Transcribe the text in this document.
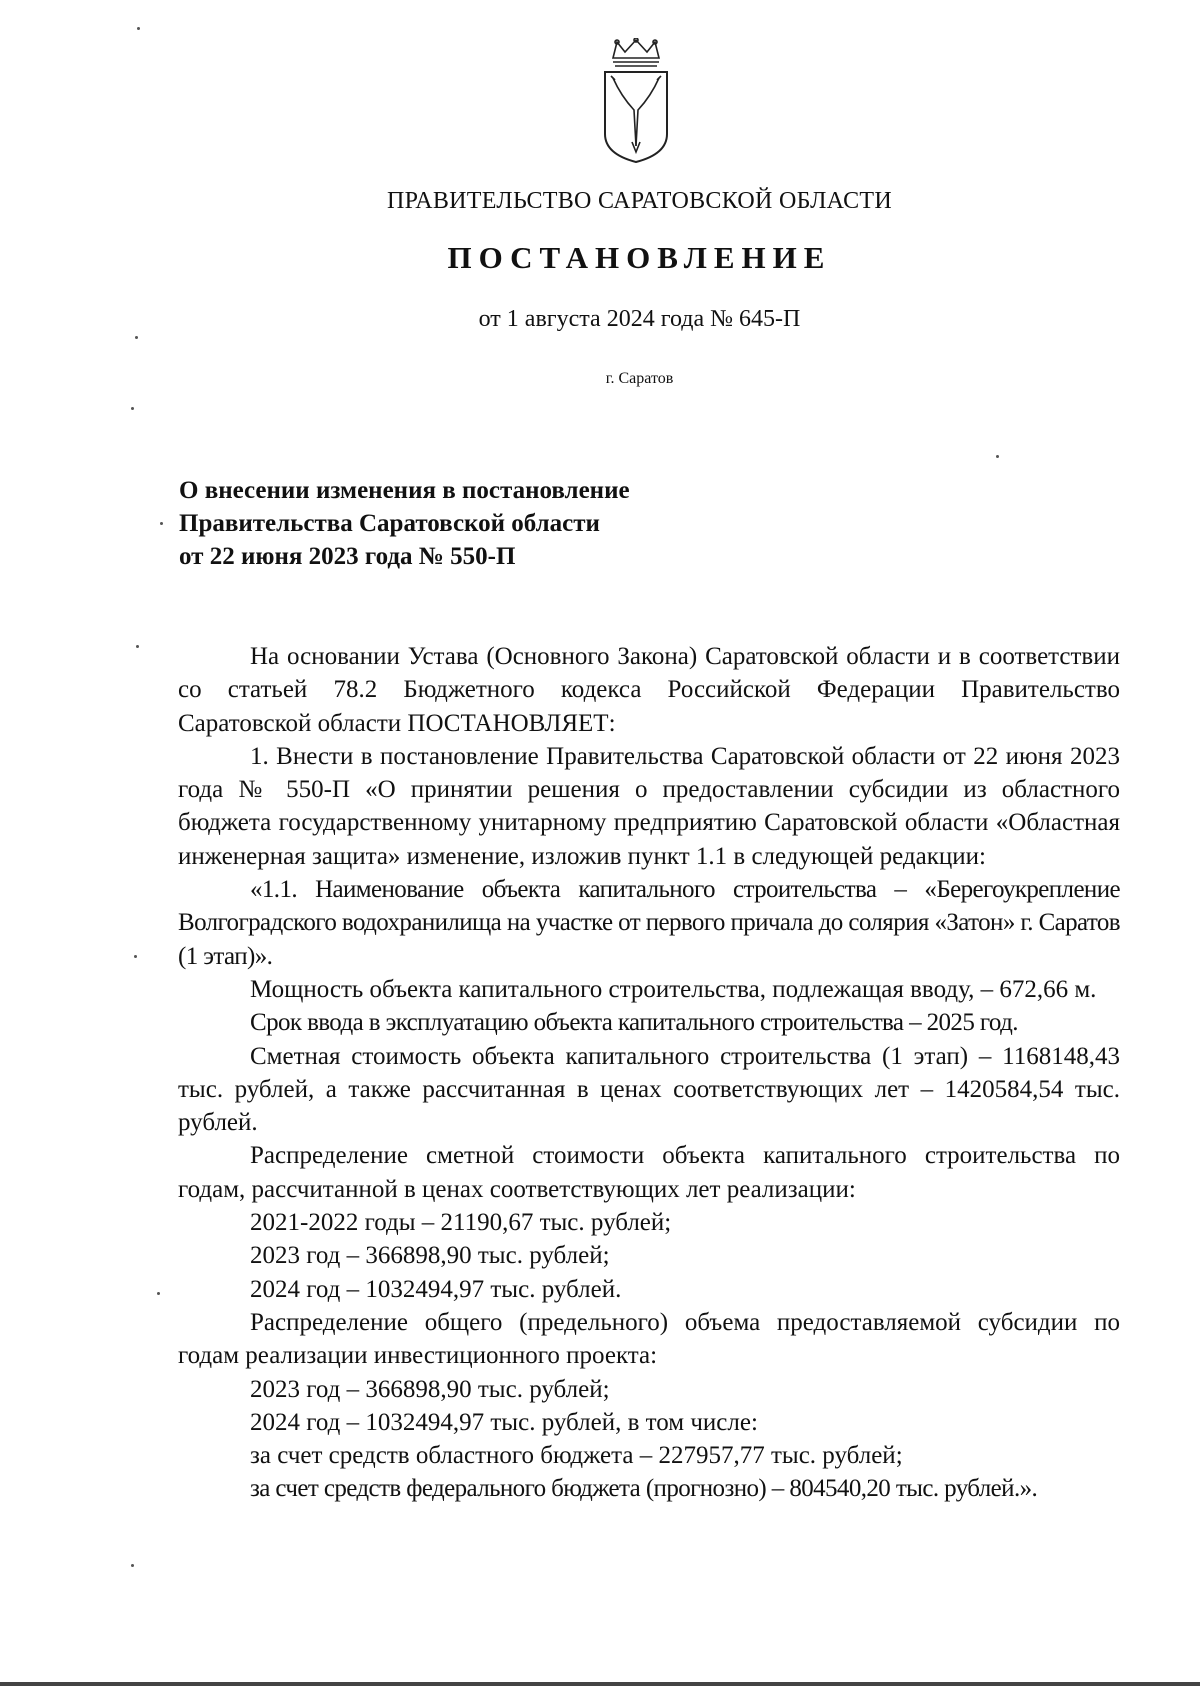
ПРАВИТЕЛЬСТВО САРАТОВСКОЙ ОБЛАСТИ
ПОСТАНОВЛЕНИЕ
от 1 августа 2024 года № 645-П
г. Саратов
О внесении изменения в постановление
Правительства Саратовской области
от 22 июня 2023 года № 550-П

На основании Устава (Основного Закона) Саратовской области и в соответствии со статьей 78.2 Бюджетного кодекса Российской Федерации Правительство Саратовской области ПОСТАНОВЛЯЕТ:

1. Внести в постановление Правительства Саратовской области от 22 июня 2023 года № 550-П «О принятии решения о предоставлении субсидии из областного бюджета государственному унитарному предприятию Саратовской области «Областная инженерная защита» изменение, изложив пункт 1.1 в следующей редакции:

«1.1. Наименование объекта капитального строительства – «Берегоукрепление Волгоградского водохранилища на участке от первого причала до солярия «Затон» г. Саратов (1 этап)».

Мощность объекта капитального строительства, подлежащая вводу, – 672,66 м.

Срок ввода в эксплуатацию объекта капитального строительства – 2025 год.

Сметная стоимость объекта капитального строительства (1 этап) – 1168148,43 тыс. рублей, а также рассчитанная в ценах соответствующих лет – 1420584,54 тыс. рублей.

Распределение сметной стоимости объекта капитального строительства по годам, рассчитанной в ценах соответствующих лет реализации:

2021-2022 годы – 21190,67 тыс. рублей;
2023 год – 366898,90 тыс. рублей;
2024 год – 1032494,97 тыс. рублей.

Распределение общего (предельного) объема предоставляемой субсидии по годам реализации инвестиционного проекта:

2023 год – 366898,90 тыс. рублей;
2024 год – 1032494,97 тыс. рублей, в том числе:
за счет средств областного бюджета – 227957,77 тыс. рублей;
за счет средств федерального бюджета (прогнозно) – 804540,20 тыс. рублей.».
